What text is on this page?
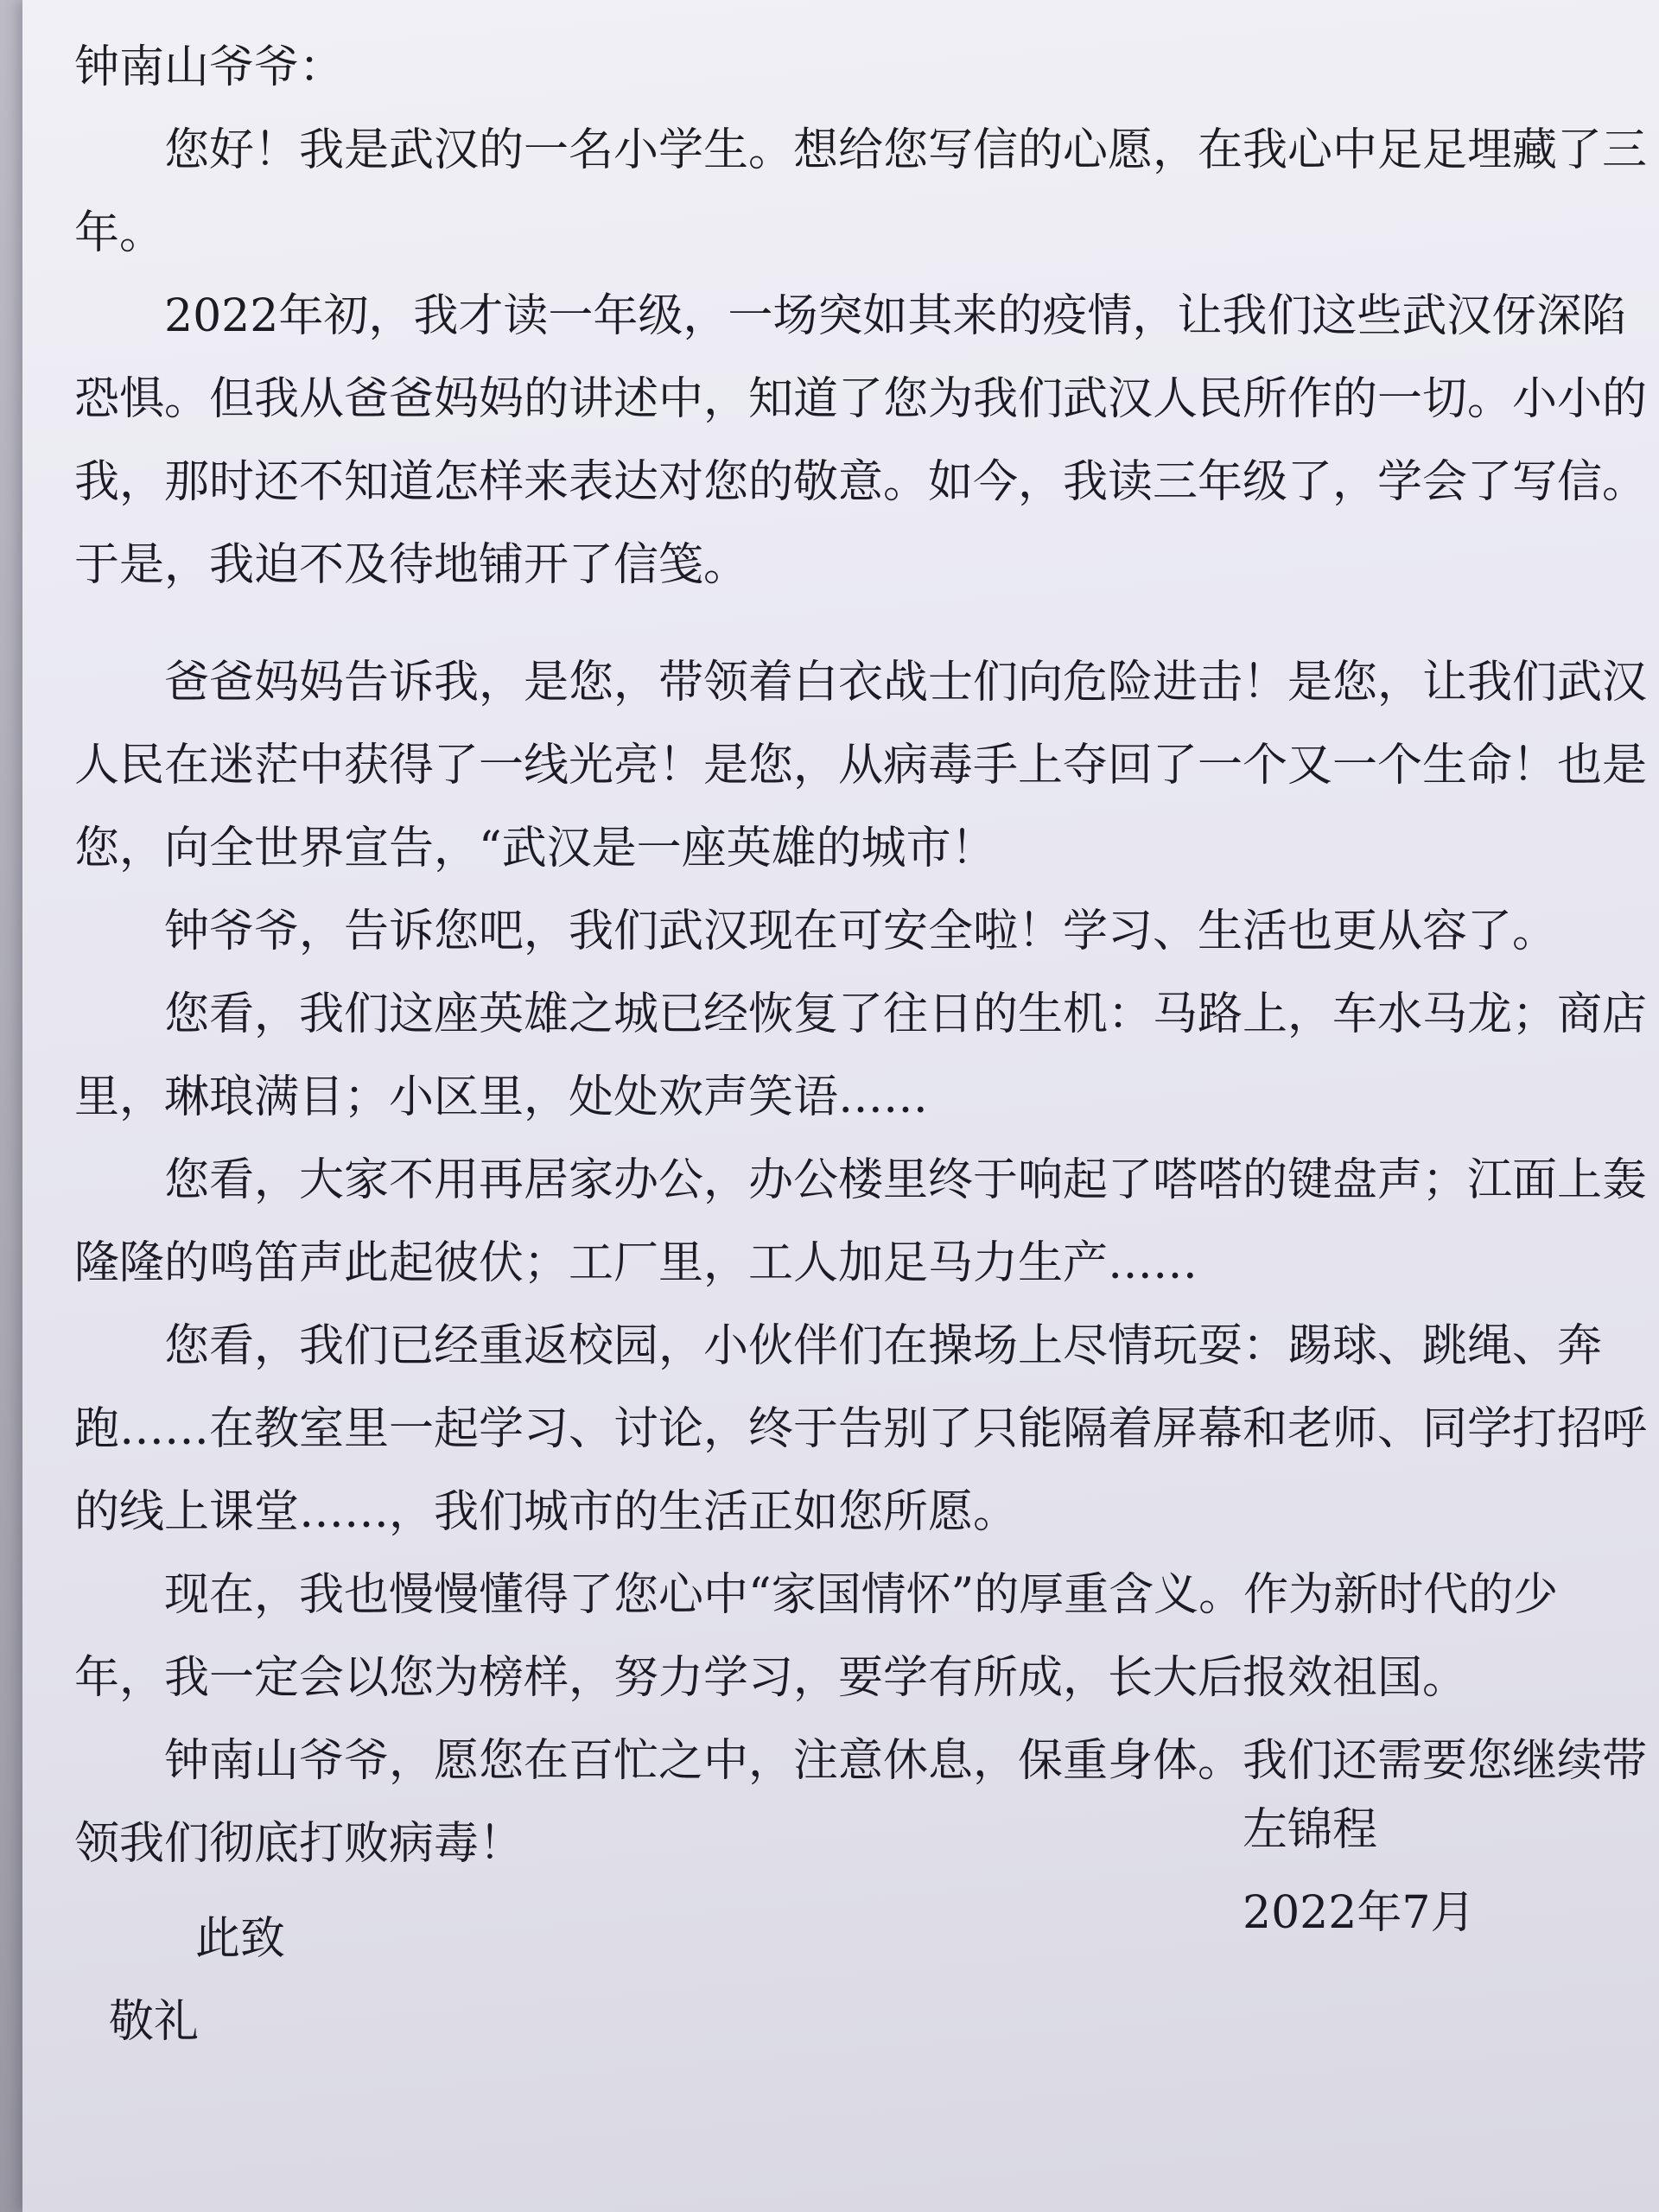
钟南山爷爷：

您好！我是武汉的一名小学生。想给您写信的心愿，在我心中足足埋藏了三年。

2022年初，我才读一年级，一场突如其来的疫情，让我们这些武汉伢深陷恐惧。但我从爸爸妈妈的讲述中，知道了您为我们武汉人民所作的一切。小小的我，那时还不知道怎样来表达对您的敬意。如今，我读三年级了，学会了写信。于是，我迫不及待地铺开了信笺。

爸爸妈妈告诉我，是您，带领着白衣战士们向危险进击！是您，让我们武汉人民在迷茫中获得了一线光亮！是您，从病毒手上夺回了一个又一个生命！也是您，向全世界宣告，“武汉是一座英雄的城市！

钟爷爷，告诉您吧，我们武汉现在可安全啦！学习、生活也更从容了。

您看，我们这座英雄之城已经恢复了往日的生机：马路上，车水马龙；商店里，琳琅满目；小区里，处处欢声笑语……

您看，大家不用再居家办公，办公楼里终于响起了嗒嗒的键盘声；江面上轰隆隆的鸣笛声此起彼伏；工厂里，工人加足马力生产……

您看，我们已经重返校园，小伙伴们在操场上尽情玩耍：踢球、跳绳、奔跑……在教室里一起学习、讨论，终于告别了只能隔着屏幕和老师、同学打招呼的线上课堂……，我们城市的生活正如您所愿。

现在，我也慢慢懂得了您心中“家国情怀”的厚重含义。作为新时代的少年，我一定会以您为榜样，努力学习，要学有所成，长大后报效祖国。

钟南山爷爷，愿您在百忙之中，注意休息，保重身体。我们还需要您继续带领我们彻底打败病毒！

此致

敬礼

左锦程

2022年7月
